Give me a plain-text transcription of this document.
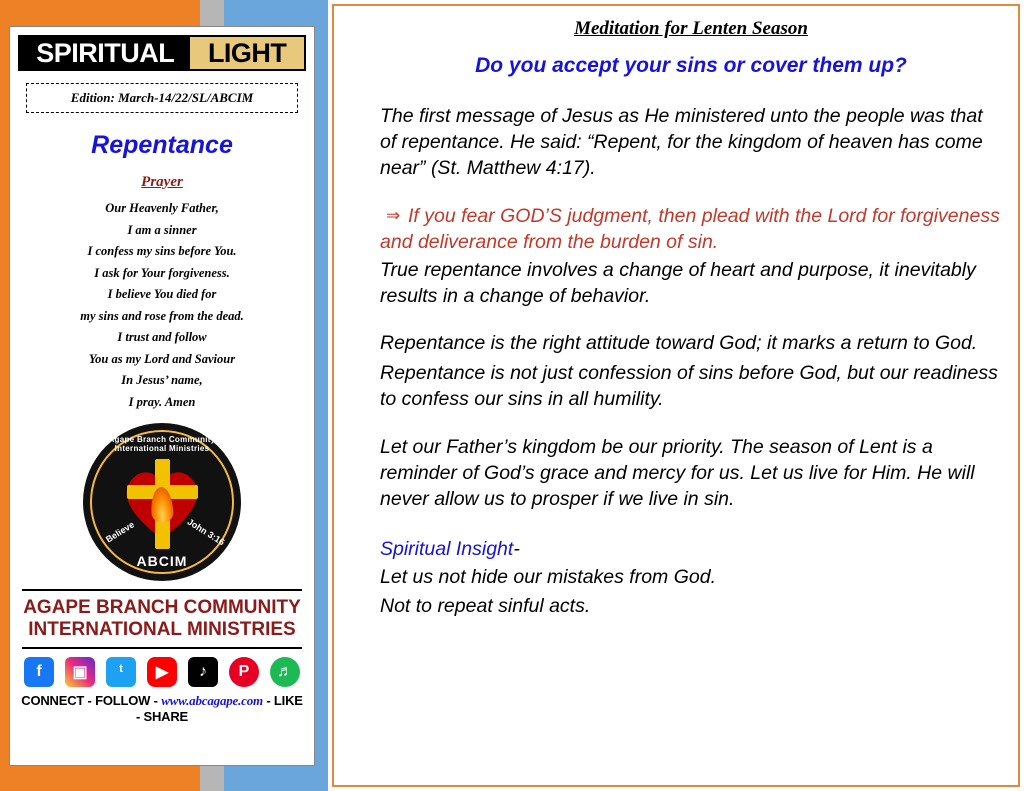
SPIRITUAL	LIGHT
Edition: March-14/22/SL/ABCIM
Repentance
Prayer
Our Heavenly Father,
I am a sinner
I confess my sins before You.
I ask for Your forgiveness.
I believe You died for
my sins and rose from the dead.
I trust and follow
You as my Lord and Saviour
In Jesus’ name,
I pray. Amen
Agape Branch Community International Ministries
Believe	John 3:16
ABCIM
AGAPE BRANCH COMMUNITY
INTERNATIONAL MINISTRIES
f ▣ ᵗ ▶ ♪ P ♬
CONNECT - FOLLOW - www.abcagape.com - LIKE - SHARE
Meditation for Lenten Season
Do you accept your sins or cover them up?

The first message of Jesus as He ministered unto the people was that of repentance. He said: “Repent, for the kingdom of heaven has come near” (St. Matthew 4:17).

⇒ If you fear GOD’S judgment, then plead with the Lord for forgiveness and deliverance from the burden of sin.

True repentance involves a change of heart and purpose, it inevitably results in a change of behavior.

Repentance is the right attitude toward God; it marks a return to God.

Repentance is not just confession of sins before God, but our readiness to confess our sins in all humility.

Let our Father’s kingdom be our priority. The season of Lent is a reminder of God’s grace and mercy for us. Let us live for Him. He will never allow us to prosper if we live in sin.

Spiritual Insight-
Let us not hide our mistakes from God.
Not to repeat sinful acts.
